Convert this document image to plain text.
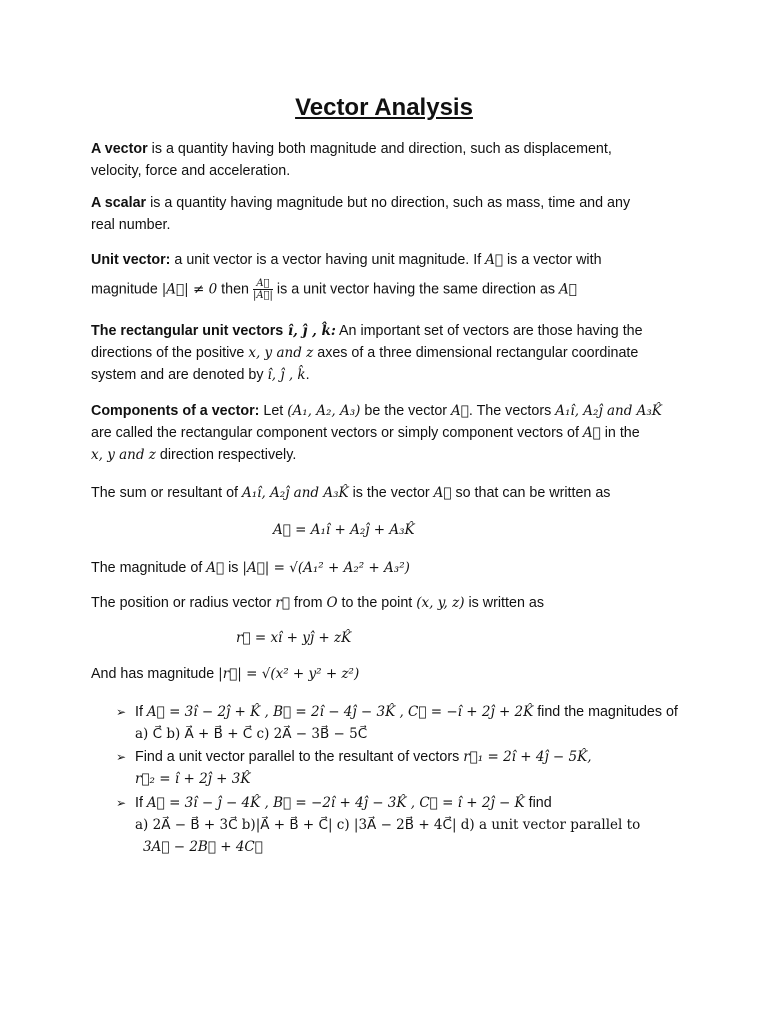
Vector Analysis

A vector is a quantity having both magnitude and direction, such as displacement,
velocity, force and acceleration.

A scalar is a quantity having magnitude but no direction, such as mass, time and any
real number.

Unit vector: a unit vector is a vector having unit magnitude. If A⃗ is a vector with

magnitude |A⃗| ≠ 0 then $\frac{A⃗}{|A⃗|}$ is a unit vector having the same direction as A⃗

The rectangular unit vectors î, ĵ , k̂: An important set of vectors are those having the
directions of the positive x, y and z axes of a three dimensional rectangular coordinate
system and are denoted by î, ĵ , k̂.

Components of a vector: Let (A₁, A₂, A₃) be the vector A⃗. The vectors A₁î, A₂ĵ and A₃K̂
are called the rectangular component vectors or simply component vectors of A⃗ in the
x, y and z direction respectively.

The sum or resultant of A₁î, A₂ĵ and A₃K̂ is the vector A⃗ so that can be written as

A⃗ = A₁î + A₂ĵ + A₃K̂

The magnitude of A⃗ is |A⃗| = √(A₁² + A₂² + A₃²)

The position or radius vector r⃗ from O to the point (x, y, z) is written as

r⃗ = xî + yĵ + zK̂

And has magnitude |r⃗| = √(x² + y² + z²)

➢ If A⃗ = 3î − 2ĵ + K̂ , B⃗ = 2î − 4ĵ − 3K̂ , C⃗ = −î + 2ĵ + 2K̂ find the magnitudes of
a) C⃗ b) A⃗ + B⃗ + C⃗ c) 2A⃗ − 3B⃗ − 5C⃗

➢ Find a unit vector parallel to the resultant of vectors r⃗₁ = 2î + 4ĵ − 5K̂,
r⃗₂ = î + 2ĵ + 3K̂

➢ If A⃗ = 3î − ĵ − 4K̂ , B⃗ = −2î + 4ĵ − 3K̂ , C⃗ = î + 2ĵ − K̂ find
a) 2A⃗ − B⃗ + 3C⃗ b)|A⃗ + B⃗ + C⃗| c) |3A⃗ − 2B⃗ + 4C⃗| d) a unit vector parallel to
3A⃗ − 2B⃗ + 4C⃗
